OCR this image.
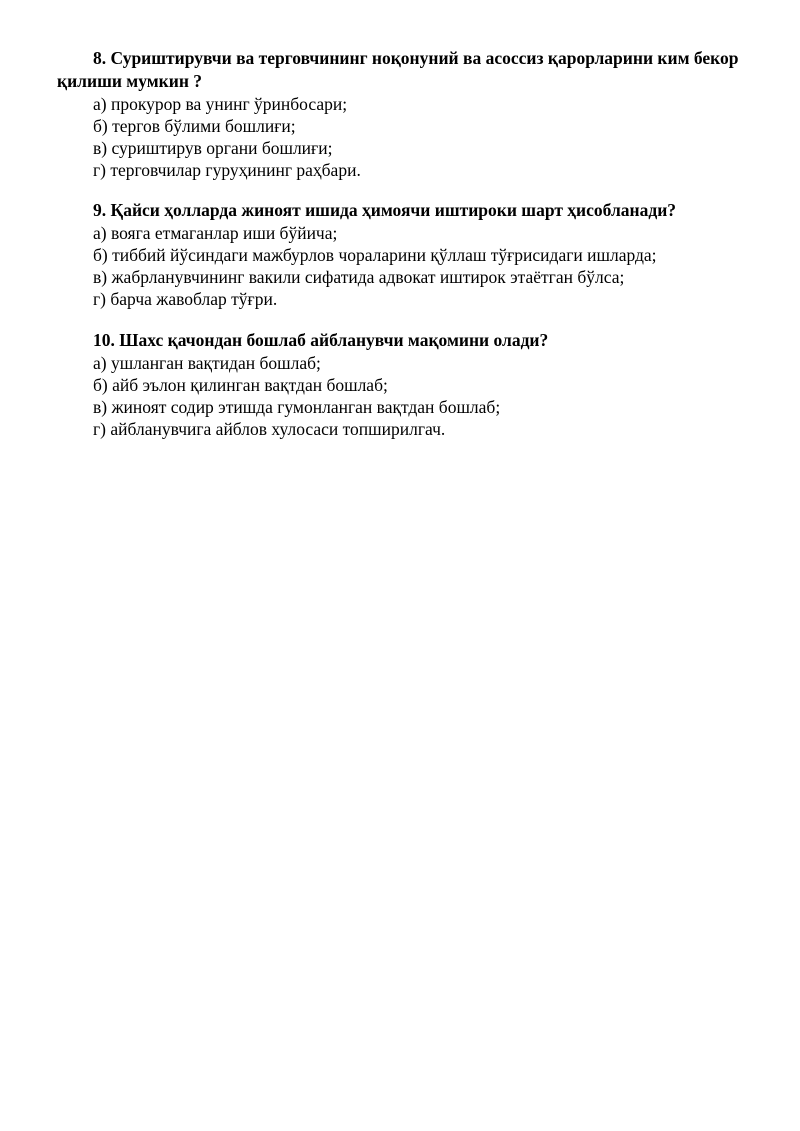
8. Суриштирувчи ва терговчининг ноқонуний ва асоссиз қарорларини ким бекор қилиши мумкин ?

а) прокурор ва унинг ўринбосари;
б) тергов бўлими бошлиғи;
в) суриштирув органи бошлиғи;
г) терговчилар гуруҳининг раҳбари.

9. Қайси ҳолларда жиноят ишида ҳимоячи иштироки шарт ҳисобланади?

а) вояга етмаганлар иши бўйича;
б) тиббий йўсиндаги мажбурлов чораларини қўллаш тўғрисидаги ишларда;
в) жабрланувчининг вакили сифатида адвокат иштирок этаётган бўлса;
г) барча жавоблар тўғри.

10. Шахс қачондан бошлаб айбланувчи мақомини олади?

а) ушланган вақтидан бошлаб;
б) айб эълон қилинган вақтдан бошлаб;
в) жиноят содир этишда гумонланган вақтдан бошлаб;
г) айбланувчига айблов хулосаси топширилгач.
